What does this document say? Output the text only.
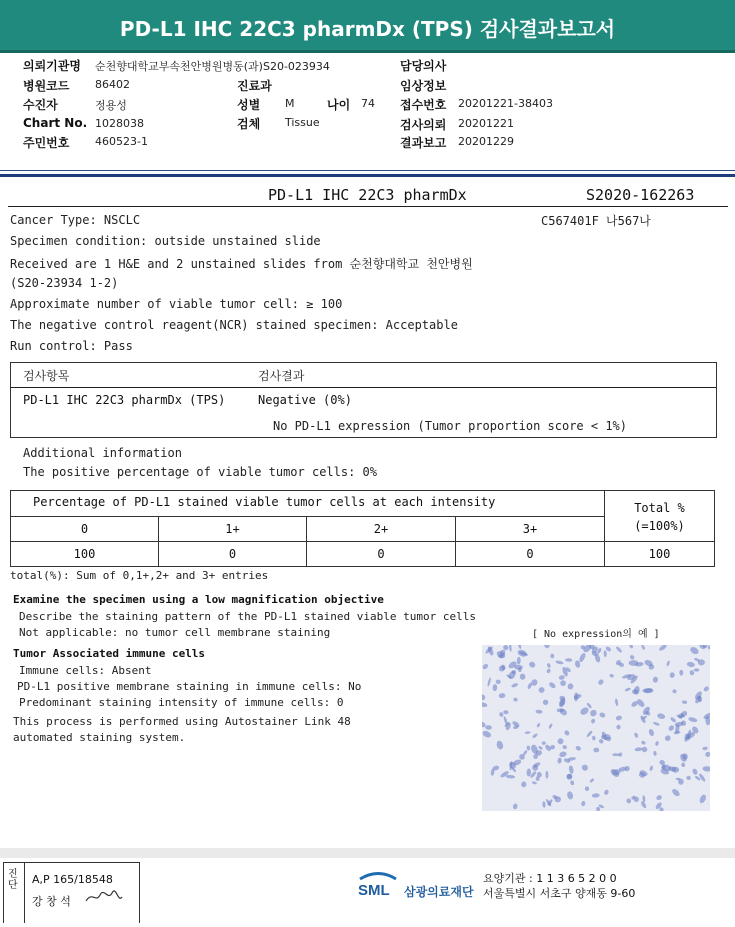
PD-L1 IHC 22C3 pharmDx (TPS) 검사결과보고서
의뢰기관명 순천향대학교부속천안병원병동(과)S20-023934
병원코드 86402
수진자	정용성
Chart No. 1028038
주민번호 460523-1
진료과
성별 M	나이 74
검체 Tissue
담당의사
임상정보
접수번호 20201221-38403
검사의뢰 20201221
결과보고 20201229
PD-L1 IHC 22C3 pharmDx	S2020-162263
C567401F 나567나
Cancer Type: NSCLC
Specimen condition: outside unstained slide
Received are 1 H&E and 2 unstained slides from 순천향대학교 천안병원
(S20-23934 1-2)
Approximate number of viable tumor cell: ≥ 100
The negative control reagent(NCR) stained specimen: Acceptable
Run control: Pass
검사항목	검사결과
PD-L1 IHC 22C3 pharmDx (TPS)	Negative (0%)
No PD-L1 expression (Tumor proportion score < 1%)
Additional information
The positive percentage of viable tumor cells: 0%
Percentage of PD-L1 stained viable tumor cells at each intensity	Total %
(=100%)
0	1+	2+	3+
100	0	0	0	100
total(%): Sum of 0,1+,2+ and 3+ entries
Examine the specimen using a low magnification objective
Describe the staining pattern of the PD-L1 stained viable tumor cells
Not applicable: no tumor cell membrane staining	[ No expression의 예 ]
Tumor Associated immune cells
Immune cells: Absent
PD-L1 positive membrane staining in immune cells: No
Predominant staining intensity of immune cells: 0
This process is performed using Autostainer Link 48
automated staining system.
진단 A,P 165/18548
강 창 석
SML 삼광의료재단
요양기관 : 1 1 3 6 5 2 0 0
서울특별시 서초구 양재동 9-60
